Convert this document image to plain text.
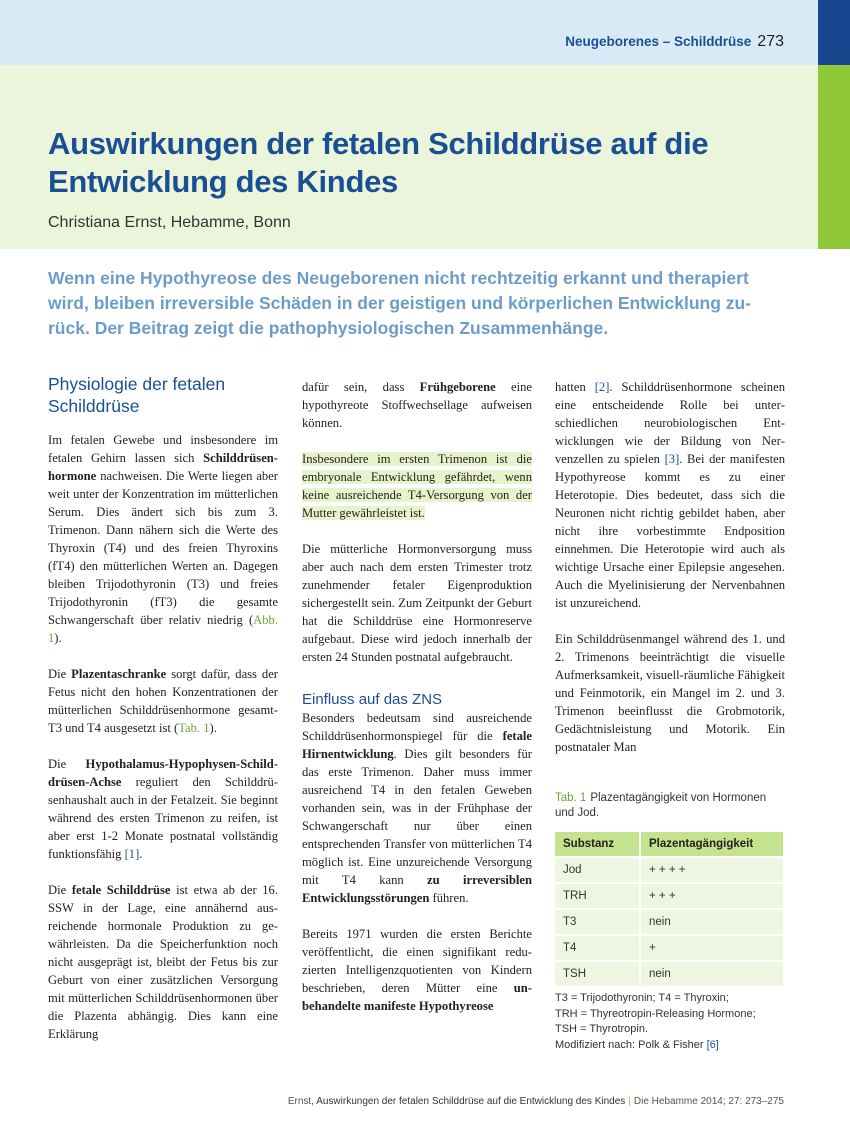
Neugeborenes – Schilddrüse 273
Auswirkungen der fetalen Schilddrüse auf die Entwicklung des Kindes
Christiana Ernst, Hebamme, Bonn
Wenn eine Hypothyreose des Neugeborenen nicht rechtzeitig erkannt und therapiert wird, bleiben irreversible Schäden in der geistigen und körperlichen Entwicklung zurück. Der Beitrag zeigt die pathophysiologischen Zusammenhänge.
Physiologie der fetalen Schilddrüse

Im fetalen Gewebe und insbesondere im fetalen Gehirn lassen sich Schilddrüsenhormone nachweisen. Die Werte liegen aber weit unter der Konzentration im mütterlichen Serum. Dies ändert sich bis zum 3. Trimenon. Dann nähern sich die Werte des Thyroxin (T4) und des freien Thyroxins (fT4) den mütterlichen Werten an. Dagegen bleiben Trijodothyronin (T3) und freies Trijodothyronin (fT3) die gesamte Schwangerschaft über relativ niedrig (Abb. 1).

Die Plazentaschranke sorgt dafür, dass der Fetus nicht den hohen Konzentrationen der mütterlichen Schilddrüsenhormone gesamt-T3 und T4 ausgesetzt ist (Tab. 1).

Die Hypothalamus-Hypophysen-Schilddrüsen-Achse reguliert den Schilddrüsenhaushalt auch in der Fetalzeit. Sie beginnt während des ersten Trimenon zu reifen, ist aber erst 1-2 Monate postnatal vollständig funktionsfähig [1].

Die fetale Schilddrüse ist etwa ab der 16. SSW in der Lage, eine annähernd ausreichende hormonale Produktion zu gewährleisten. Da die Speicherfunktion noch nicht ausgeprägt ist, bleibt der Fetus bis zur Geburt von einer zusätzlichen Versorgung mit mütterlichen Schilddrüsenhormonen über die Plazenta abhängig. Dies kann eine Erklärung

dafür sein, dass Frühgeborene eine hypothyreote Stoffwechsellage aufweisen können.

Insbesondere im ersten Trimenon ist die embryonale Entwicklung gefährdet, wenn keine ausreichende T4-Versorgung von der Mutter gewährleistet ist.

Die mütterliche Hormonversorgung muss aber auch nach dem ersten Trimester trotz zunehmender fetaler Eigenproduktion sichergestellt sein. Zum Zeitpunkt der Geburt hat die Schilddrüse eine Hormonreserve aufgebaut. Diese wird jedoch innerhalb der ersten 24 Stunden postnatal aufgebraucht.

Einfluss auf das ZNS

Besonders bedeutsam sind ausreichende Schilddrüsenhormonspiegel für die fetale Hirnentwicklung. Dies gilt besonders für das erste Trimenon. Daher muss immer ausreichend T4 in den fetalen Geweben vorhanden sein, was in der Frühphase der Schwangerschaft nur über einen entsprechenden Transfer von mütterlichen T4 möglich ist. Eine unzureichende Versorgung mit T4 kann zu irreversiblen Entwicklungsstörungen führen.

Bereits 1971 wurden die ersten Berichte veröffentlicht, die einen signifikant reduzierten Intelligenzquotienten von Kindern beschrieben, deren Mütter eine unbehandelte manifeste Hypothyreose

hatten [2]. Schilddrüsenhormone scheinen eine entscheidende Rolle bei unterschiedlichen neurobiologischen Entwicklungen wie der Bildung von Nervenzellen zu spielen [3]. Bei der manifesten Hypothyreose kommt es zu einer Heterotopie. Dies bedeutet, dass sich die Neuronen nicht richtig gebildet haben, aber nicht ihre vorbestimmte Endposition einnehmen. Die Heterotopie wird auch als wichtige Ursache einer Epilepsie angesehen. Auch die Myelinisierung der Nervenbahnen ist unzureichend.

Ein Schilddrüsenmangel während des 1. und 2. Trimenons beeinträchtigt die visuelle Aufmerksamkeit, visuell-räumliche Fähigkeit und Feinmotorik, ein Mangel im 2. und 3. Trimenon beeinflusst die Grobmotorik, Gedächtnisleistung und Motorik. Ein postnataler Man

Tab. 1 Plazentagängigkeit von Hormonen und Jod.
Substanz	Plazentagängigkeit
Jod	+ + + +
TRH	+ + +
T3	nein
T4	+
TSH	nein
T3 = Trijodothyronin; T4 = Thyroxin;
TRH = Thyreotropin-Releasing Hormone;
TSH = Thyrotropin.
Modifiziert nach: Polk & Fisher [6]
Ernst, Auswirkungen der fetalen Schilddrüse auf die Entwicklung des Kindes | Die Hebamme 2014; 27: 273–275
